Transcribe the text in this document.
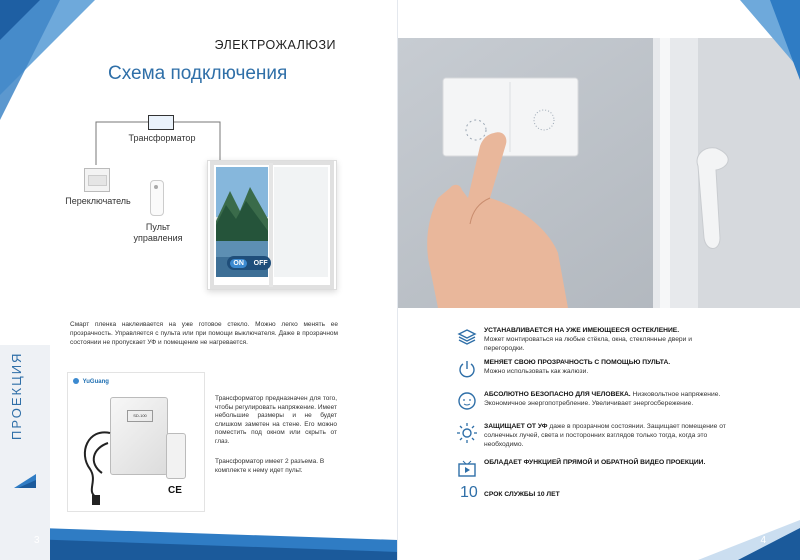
ЭЛЕКТРОЖАЛЮЗИ
Схема подключения
Трансформатор
Переключатель
Пульт управления
ON	OFF
Смарт пленка наклеивается на уже готовое стекло. Можно легко менять ее прозрачность. Управляется с пульта или при помощи выключателя. Даже в прозрачном состоянии не пропускает УФ и помещение не нагревается.
ПРОЕКЦИЯ	YuGuang
SD-100
CE
Трансформатор предназначен для того, чтобы регулировать напряжение. Имеет небольшие размеры и не будет слишком заметен на стене. Его можно поместить под окном или скрыть от глаз.
Трансформатор имеет 2 разъема. В комплекте к нему идет пульт.
3
УСТАНАВЛИВАЕТСЯ НА УЖЕ ИМЕЮЩЕЕСЯ ОСТЕКЛЕНИЕ.
Может монтироваться на любые стёкла, окна, стеклянные двери и перегородки.
МЕНЯЕТ СВОЮ ПРОЗРАЧНОСТЬ С ПОМОЩЬЮ ПУЛЬТА.
Можно использовать как жалюзи.
АБСОЛЮТНО БЕЗОПАСНО ДЛЯ ЧЕЛОВЕКА. Низковольтное напряжение. Экономичное энергопотребление. Увеличивает энергосбережение.
ЗАЩИЩАЕТ ОТ УФ даже в прозрачном состоянии. Защищает помещение от солнечных лучей, света и посторонних взглядов только тогда, когда это необходимо.
ОБЛАДАЕТ ФУНКЦИЕЙ ПРЯМОЙ И ОБРАТНОЙ ВИДЕО ПРОЕКЦИИ.
10 СРОК СЛУЖБЫ 10 ЛЕТ
4
